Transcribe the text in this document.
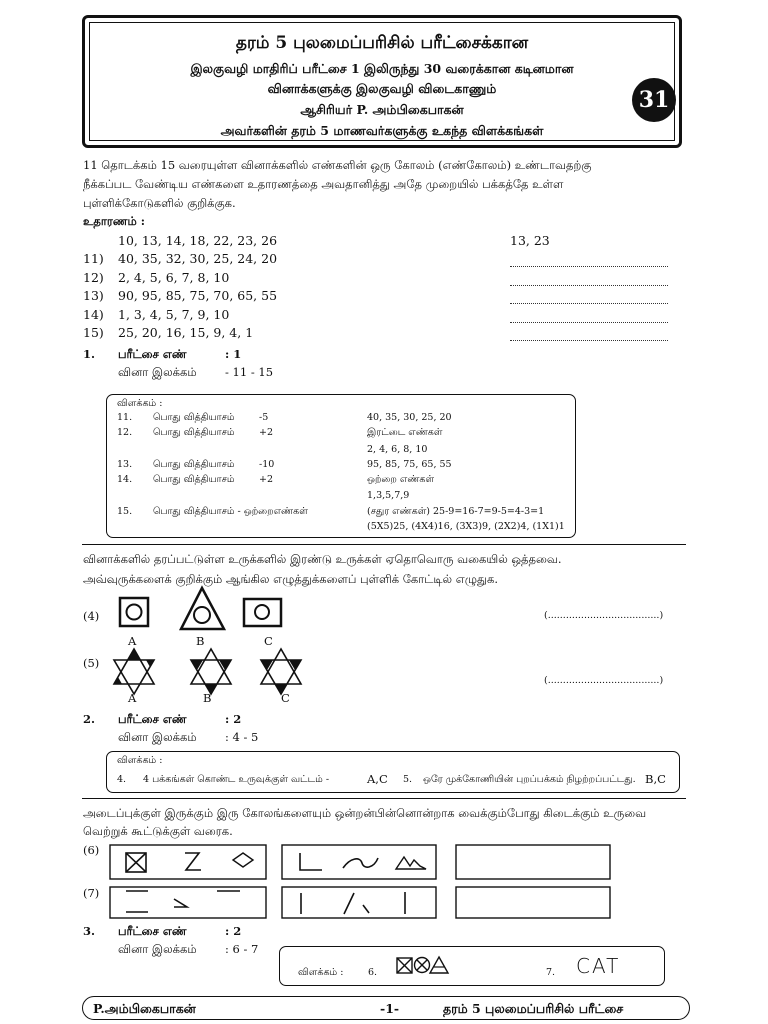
தரம் 5 புலமைப்பரிசில் பரீட்சைக்கான
இலகுவழி மாதிரிப் பரீட்சை 1 இலிருந்து 30 வரைக்கான கடினமான
வினாக்களுக்கு இலகுவழி விடைகாணும்
ஆசிரியர் P. அம்பிகைபாகன்
அவர்களின் தரம் 5 மாணவர்களுக்கு உகந்த விளக்கங்கள்
31
11 தொடக்கம் 15 வரையுள்ள வினாக்களில் எண்களின் ஒரு கோலம் (எண்கோலம்) உண்டாவதற்கு
நீக்கப்பட வேண்டிய எண்களை உதாரணத்தை அவதானித்து அதே முறையில் பக்கத்தே உள்ள
புள்ளிக்கோடுகளில் குறிக்குக.
உதாரணம் :
10, 13, 14, 18, 22, 23, 26	13, 23
11) 40, 35, 32, 30, 25, 24, 20
12) 2, 4, 5, 6, 7, 8, 10
13) 90, 95, 85, 75, 70, 65, 55
14) 1, 3, 4, 5, 7, 9, 10
15) 25, 20, 16, 15, 9, 4, 1
1. பரீட்சை எண்	: 1
வினா இலக்கம் - 11 - 15
விளக்கம் :
11. பொது வித்தியாசம்	-5	40, 35, 30, 25, 20
12. பொது வித்தியாசம்	+2	இரட்டை எண்கள்
2, 4, 6, 8, 10
13. பொது வித்தியாசம்	-10	95, 85, 75, 65, 55
14. பொது வித்தியாசம்	+2	ஒற்றை எண்கள்
1,3,5,7,9
15. பொது வித்தியாசம் - ஒற்றைஎண்கள்	(சதுர எண்கள்) 25-9=16-7=9-5=4-3=1
(5X5)25, (4X4)16, (3X3)9, (2X2)4, (1X1)1
வினாக்களில் தரப்பட்டுள்ள உருக்களில் இரண்டு உருக்கள் ஏதொவொரு வகையில் ஒத்தவை.
அவ்வுருக்களைக் குறிக்கும் ஆங்கில எழுத்துக்களைப் புள்ளிக் கோட்டில் எழுதுக.
(4)
(5)
A	B	C
A	B	C
(.....................................)
(.....................................)
2. பரீட்சை எண்	: 2
வினா இலக்கம் : 4 - 5
விளக்கம் :
4. 4 பக்கங்கள் கொண்ட உருவுக்குள் வட்டம் -	A,C 5. ஒரே முக்கோணியின் புறப்பக்கம் நிழற்றப்பட்டது. B,C
அடைப்புக்குள் இருக்கும் இரு கோலங்களையும் ஒன்றன்பின்னொன்றாக வைக்கும்போது கிடைக்கும் உருவை
வெற்றுக் கூட்டுக்குள் வரைக.
(6)
(7)
3. பரீட்சை எண்	: 2
வினா இலக்கம் : 6 - 7
விளக்கம் :	6.	7. CAT
P.அம்பிகைபாகன்	-1-	தரம் 5 புலமைப்பரிசில் பரீட்சை
